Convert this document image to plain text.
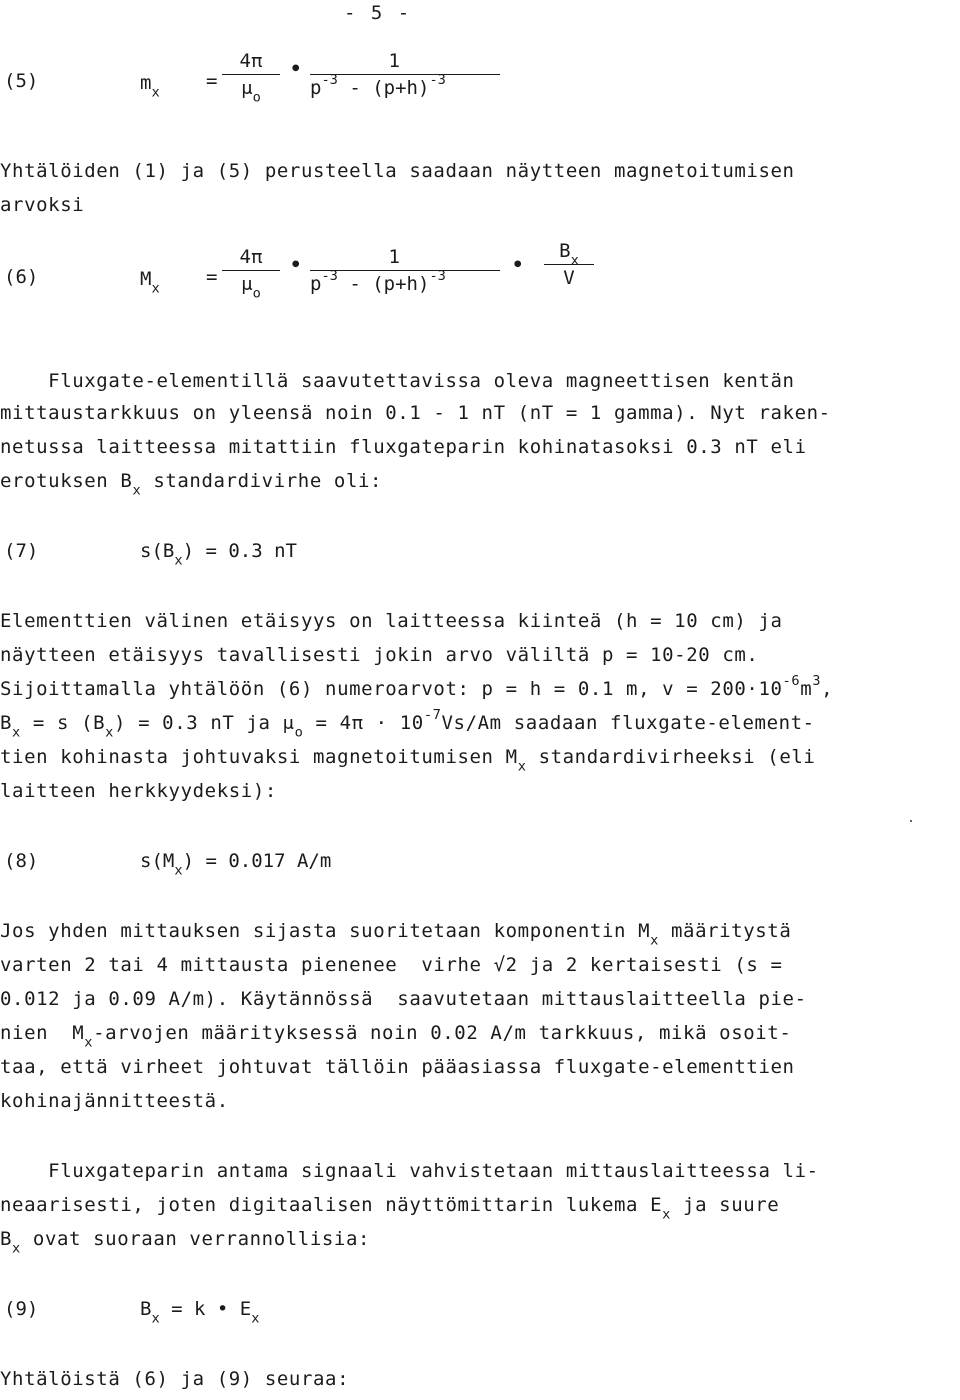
- 5 -
(5)	$m_x$
= $\frac{4\pi}{\mu_o}$ • $\frac{1}{p^{-3} - (p+h)^{-3}}$
Yhtälöiden (1) ja (5) perusteella saadaan näytteen magnetoitumisen
arvoksi
(6)	$M_x$
= $\frac{4\pi}{\mu_o}$ • $\frac{1}{p^{-3} - (p+h)^{-3}}$ • $\frac{B_x}{V}$
Fluxgate-elementillä saavutettavissa oleva magneettisen kentän
mittaustarkkuus on yleensä noin 0.1 - 1 nT (nT = 1 gamma). Nyt raken-
netussa laitteessa mitattiin fluxgateparin kohinatasoksi 0.3 nT eli
erotuksen $B_x$ standardivirhe oli:
(7)	$s(B_x) = 0.3$ nT
Elementtien välinen etäisyys on laitteessa kiinteä (h = 10 cm) ja
näytteen etäisyys tavallisesti jokin arvo väliltä p = 10-20 cm.
Sijoittamalla yhtälöön (6) numeroarvot: p = h = 0.1 m, $v = 200\cdot 10^{-6}m^3$,
$B_x = s$ $(B_x) = 0.3$ nT ja $\mu_o = 4\pi \cdot 10^{-7}Vs/Am$ saadaan fluxgate-element-
tien kohinasta johtuvaksi magnetoitumisen $M_x$ standardivirheeksi (eli
laitteen herkkyydeksi):
(8)	$s(M_x) = 0.017$ A/m
Jos yhden mittauksen sijasta suoritetaan komponentin $M_x$ määritystä
varten 2 tai 4 mittausta pienenee  virhe √2 ja 2 kertaisesti (s =
0.012 ja 0.09 A/m). Käytännössä  saavutetaan mittauslaitteella pie-
nien  $M_x$-arvojen määrityksessä noin 0.02 A/m tarkkuus, mikä osoit-
taa, että virheet johtuvat tällöin pääasiassa fluxgate-elementtien
kohinajännitteestä.
Fluxgateparin antama signaali vahvistetaan mittauslaitteessa li-
neaarisesti, joten digitaalisen näyttömittarin lukema $E_x$ ja suure
$B_x$ ovat suoraan verrannollisia:
(9)	$B_x = k$ • $E_x$
Yhtälöistä (6) ja (9) seuraa:
